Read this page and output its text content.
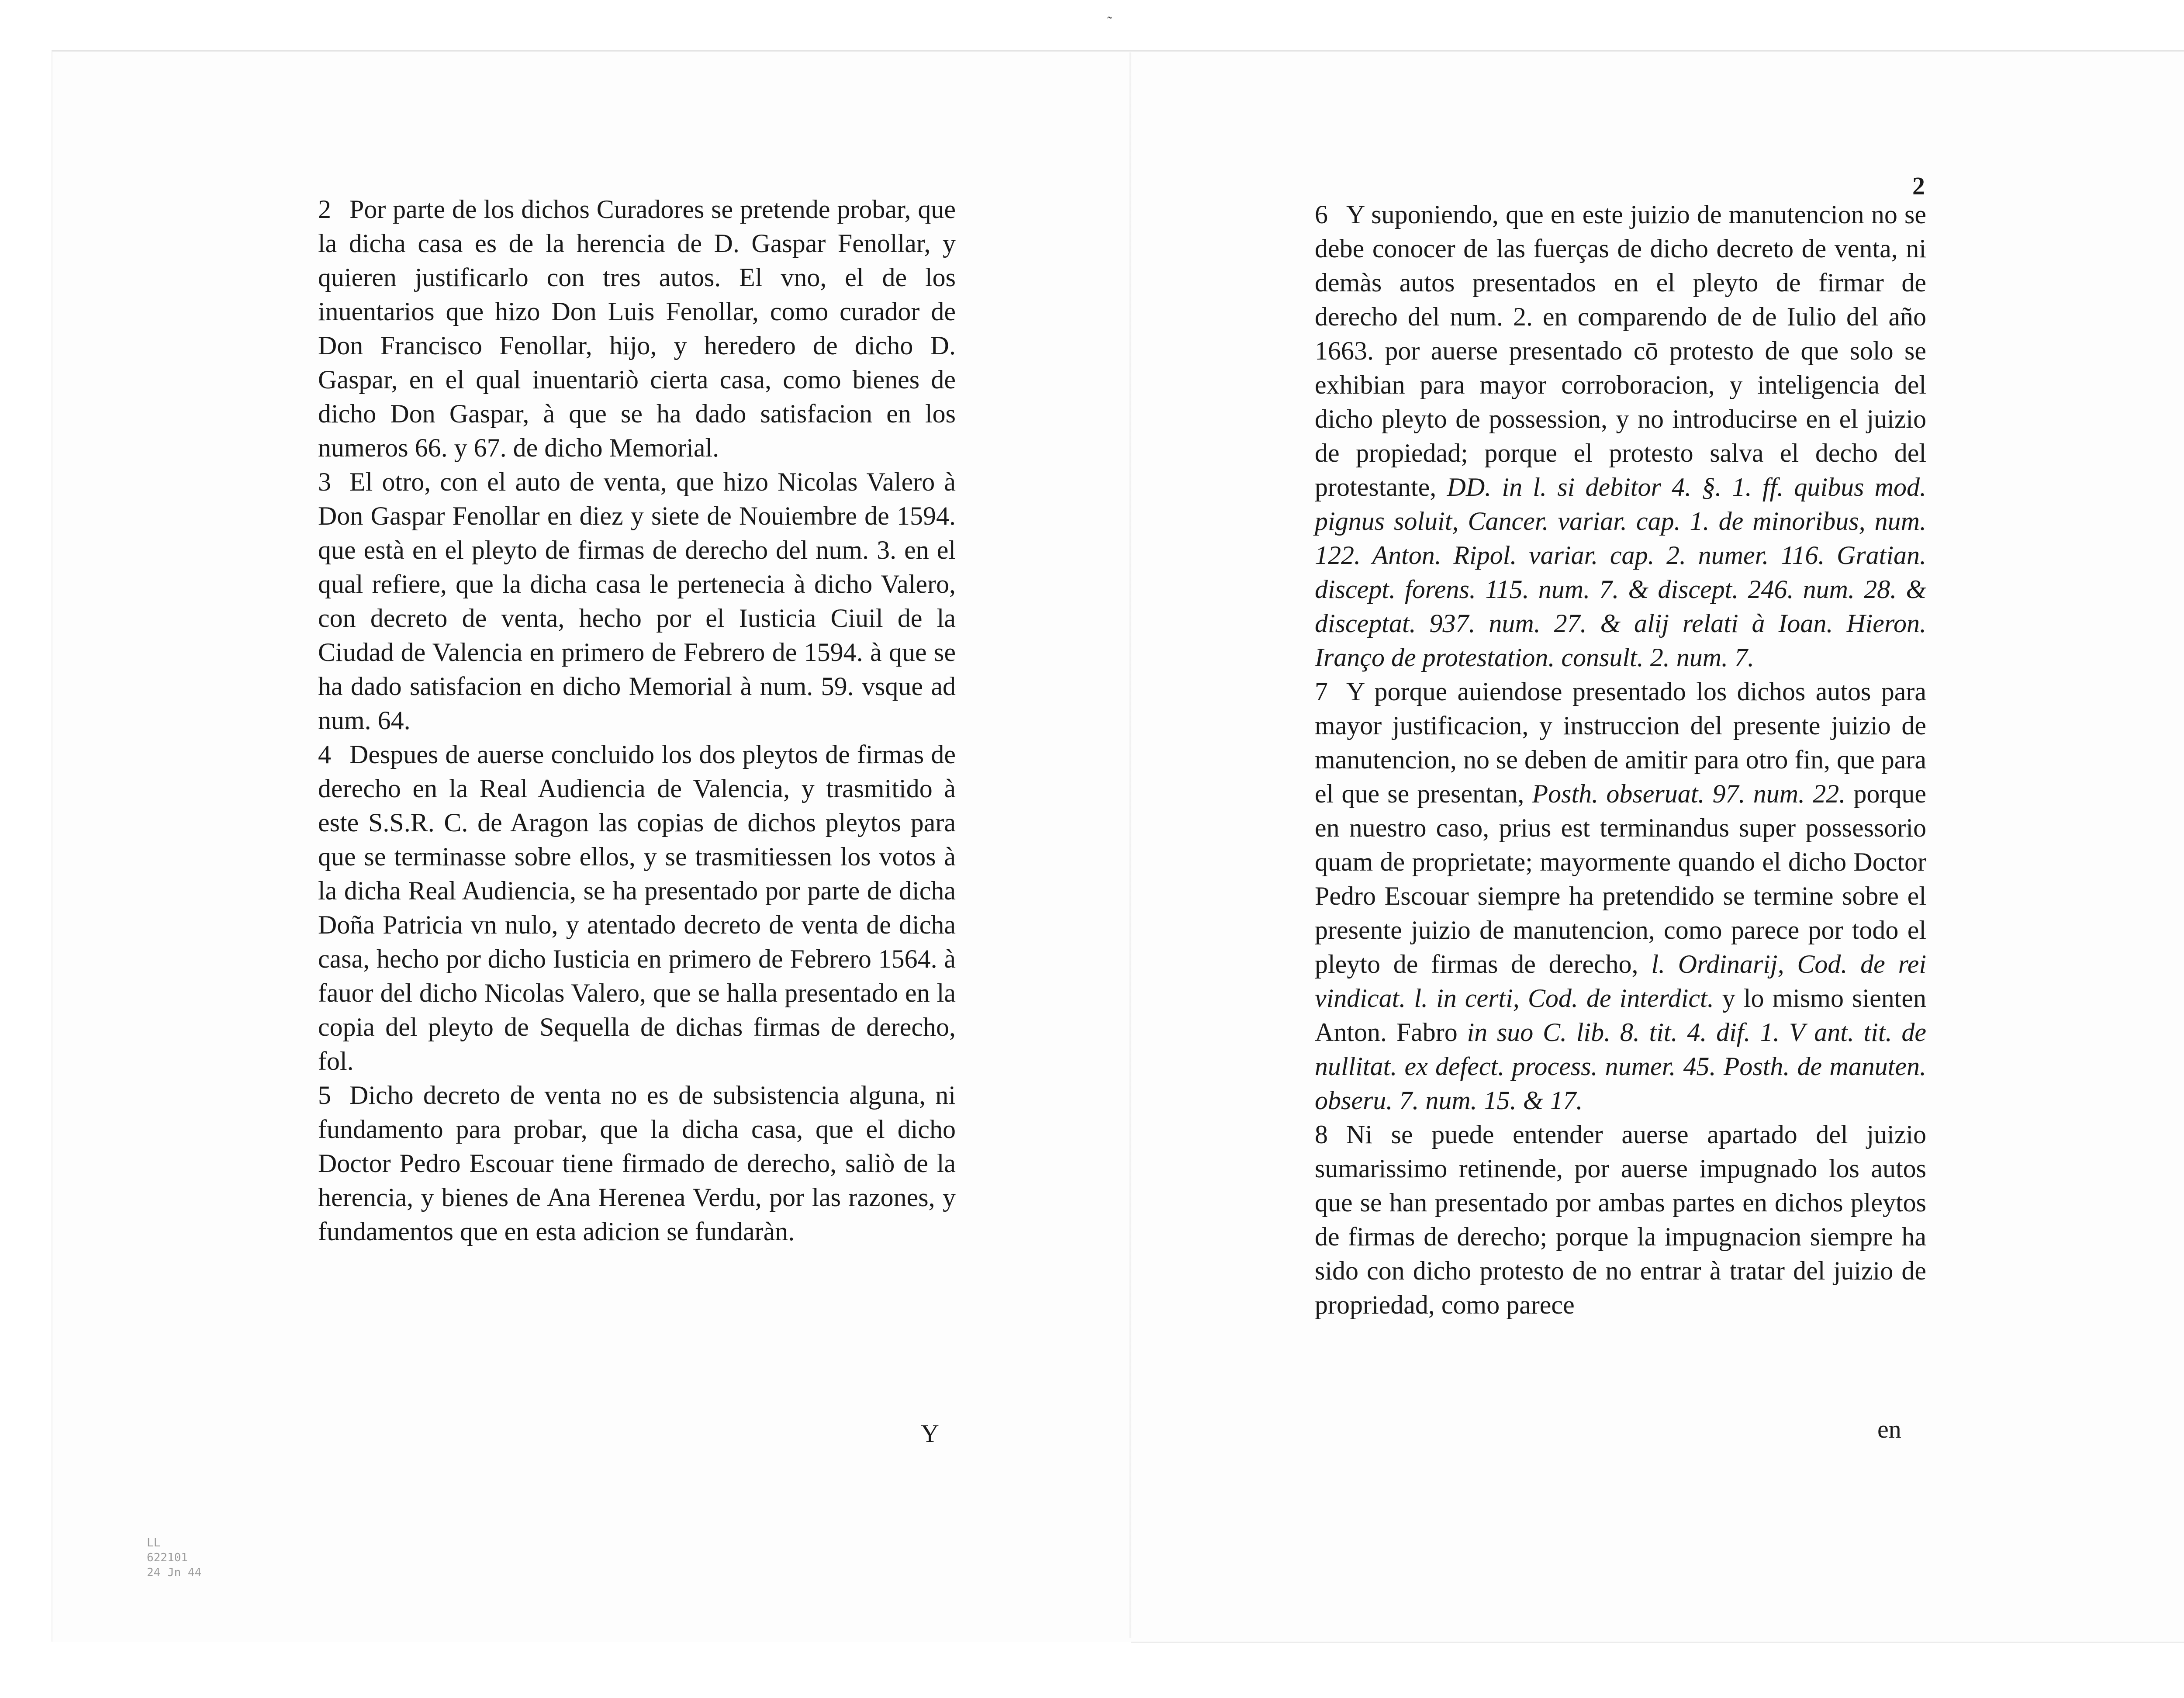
˜
2

2 Por parte de los dichos Curadores se pretende probar, que la dicha casa es de la herencia de D. Gaspar Fenollar, y quieren justificarlo con tres autos. El vno, el de los inuentarios que hizo Don Luis Fenollar, como curador de Don Francisco Fenollar, hijo, y heredero de dicho D. Gaspar, en el qual inuentariò cierta casa, como bienes de dicho Don Gaspar, à que se ha dado satisfacion en los numeros 66. y 67. de dicho Memorial.

3 El otro, con el auto de venta, que hizo Nicolas Valero à Don Gaspar Fenollar en diez y siete de Nouiembre de 1594. que està en el pleyto de firmas de derecho del num. 3. en el qual refiere, que la dicha casa le pertenecia à dicho Valero, con decreto de venta, hecho por el Iusticia Ciuil de la Ciudad de Valencia en primero de Febrero de 1594. à que se ha dado satisfacion en dicho Memorial à num. 59. vsque ad num. 64.

4 Despues de auerse concluido los dos pleytos de firmas de derecho en la Real Audiencia de Valencia, y trasmitido à este S.S.R. C. de Aragon las copias de dichos pleytos para que se terminasse sobre ellos, y se trasmitiessen los votos à la dicha Real Audiencia, se ha presentado por parte de dicha Doña Patricia vn nulo, y atentado decreto de venta de dicha casa, hecho por dicho Iusticia en primero de Febrero 1564. à fauor del dicho Nicolas Valero, que se halla presentado en la copia del pleyto de Sequella de dichas firmas de derecho, fol.

5 Dicho decreto de venta no es de subsistencia alguna, ni fundamento para probar, que la dicha casa, que el dicho Doctor Pedro Escouar tiene firmado de derecho, saliò de la herencia, y bienes de Ana Herenea Verdu, por las razones, y fundamentos que en esta adicion se fundaràn.

Y

6 Y suponiendo, que en este juizio de manutencion no se debe conocer de las fuerças de dicho decreto de venta, ni demàs autos presentados en el pleyto de firmar de derecho del num. 2. en comparendo de de Iulio del año 1663. por auerse presentado cō protesto de que solo se exhibian para mayor corroboracion, y inteligencia del dicho pleyto de possession, y no introducirse en el juizio de propiedad; porque el protesto salva el decho del protestante, DD. in l. si debitor 4. §. 1. ff. quibus mod. pignus soluit, Cancer. variar. cap. 1. de minoribus, num. 122. Anton. Ripol. variar. cap. 2. numer. 116. Gratian. discept. forens. 115. num. 7. & discept. 246. num. 28. & disceptat. 937. num. 27. & alij relati à Ioan. Hieron. Iranço de protestation. consult. 2. num. 7.

7 Y porque auiendose presentado los dichos autos para mayor justificacion, y instruccion del presente juizio de manutencion, no se deben de amitir para otro fin, que para el que se presentan, Posth. obseruat. 97. num. 22. porque en nuestro caso, prius est terminandus super possessorio quam de proprietate; mayormente quando el dicho Doctor Pedro Escouar siempre ha pretendido se termine sobre el presente juizio de manutencion, como parece por todo el pleyto de firmas de derecho, l. Ordinarij, Cod. de rei vindicat. l. in certi, Cod. de interdict. y lo mismo sienten Anton. Fabro in suo C. lib. 8. tit. 4. dif. 1. V ant. tit. de nullitat. ex defect. process. numer. 45. Posth. de manuten. obseru. 7. num. 15. & 17.

8 Ni se puede entender auerse apartado del juizio sumarissimo retinende, por auerse impugnado los autos que se han presentado por ambas partes en dichos pleytos de firmas de derecho; porque la impugnacion siempre ha sido con dicho protesto de no entrar à tratar del juizio de propriedad, como parece

en
LL
622101
24 Jn 44
